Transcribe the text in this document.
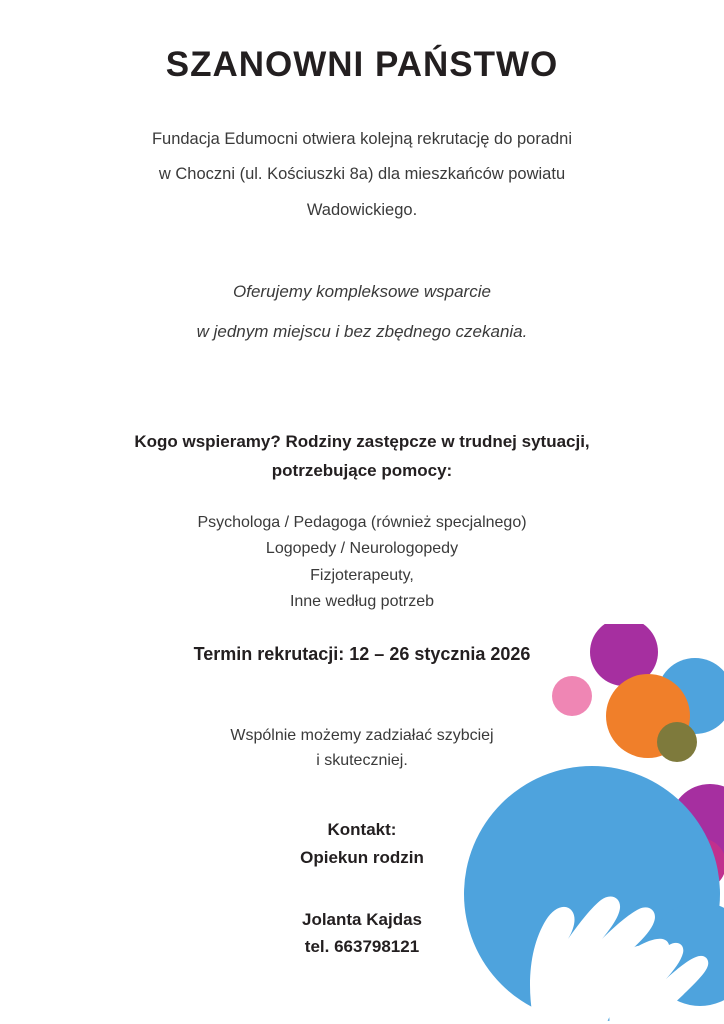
SZANOWNI PAŃSTWO
Fundacja Edumocni otwiera kolejną rekrutację do poradni
w Choczni (ul. Kościuszki 8a) dla mieszkańców powiatu
Wadowickiego.
Oferujemy kompleksowe wsparcie
w jednym miejscu i bez zbędnego czekania.
Kogo wspieramy? Rodziny zastępcze w trudnej sytuacji,
potrzebujące pomocy:
Psychologa / Pedagoga (również specjalnego)
Logopedy / Neurologopedy
Fizjoterapeuty,
Inne według potrzeb
Termin rekrutacji: 12 – 26 stycznia 2026
Wspólnie możemy zadziałać szybciej
i skuteczniej.
Kontakt:
Opiekun rodzin
Jolanta Kajdas
tel. 663798121
